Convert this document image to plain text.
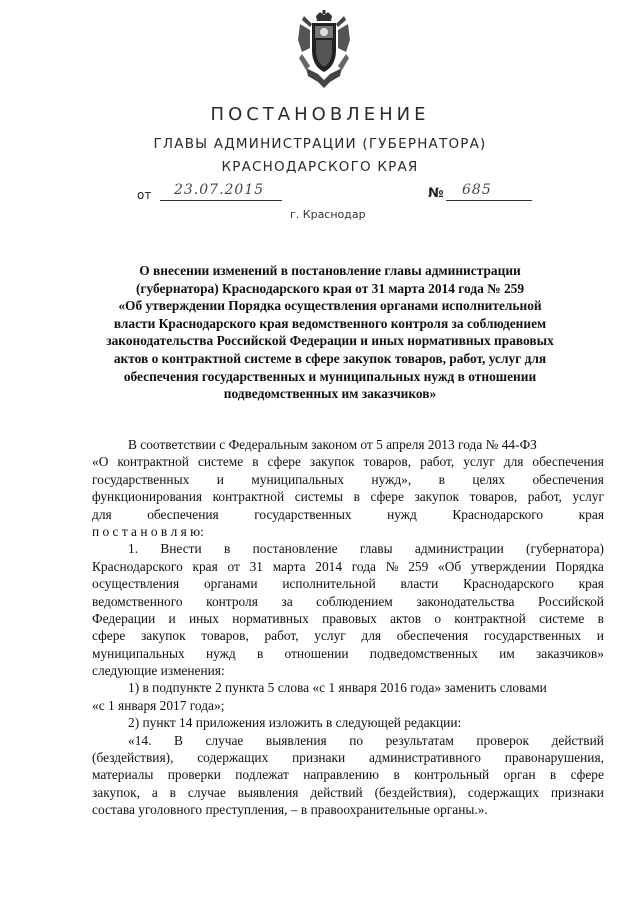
ПОСТАНОВЛЕНИЕ
ГЛАВЫ АДМИНИСТРАЦИИ (ГУБЕРНАТОРА)
КРАСНОДАРСКОГО КРАЯ
от 23.07.2015	№ 685
г. Краснодар
О внесении изменений в постановление главы администрации
(губернатора) Краснодарского края от 31 марта 2014 года № 259
«Об утверждении Порядка осуществления органами исполнительной
власти Краснодарского края ведомственного контроля за соблюдением
законодательства Российской Федерации и иных нормативных правовых
актов о контрактной системе в сфере закупок товаров, работ, услуг для
обеспечения государственных и муниципальных нужд в отношении
подведомственных им заказчиков»
В соответствии с Федеральным законом от 5 апреля 2013 года № 44-ФЗ
«О контрактной системе в сфере закупок товаров, работ, услуг для обеспечения
государственных и муниципальных нужд», в целях обеспечения
функционирования контрактной системы в сфере закупок товаров, работ, услуг
для	обеспечения	государственных	нужд	Краснодарского	края
п о с т а н о в л я ю:
1. Внести в постановление главы администрации (губернатора)
Краснодарского края от 31 марта 2014 года № 259 «Об утверждении Порядка
осуществления органами исполнительной власти Краснодарского края
ведомственного контроля за соблюдением законодательства Российской
Федерации и иных нормативных правовых актов о контрактной системе в
сфере закупок товаров, работ, услуг для обеспечения государственных и
муниципальных нужд в отношении подведомственных им заказчиков»
следующие изменения:
1) в подпункте 2 пункта 5 слова «с 1 января 2016 года» заменить словами
«с 1 января 2017 года»;
2) пункт 14 приложения изложить в следующей редакции:
«14. В случае выявления по результатам проверок действий
(бездействия), содержащих признаки административного правонарушения,
материалы проверки подлежат направлению в контрольный орган в сфере
закупок, а в случае выявления действий (бездействия), содержащих признаки
состава уголовного преступления, – в правоохранительные органы.».
